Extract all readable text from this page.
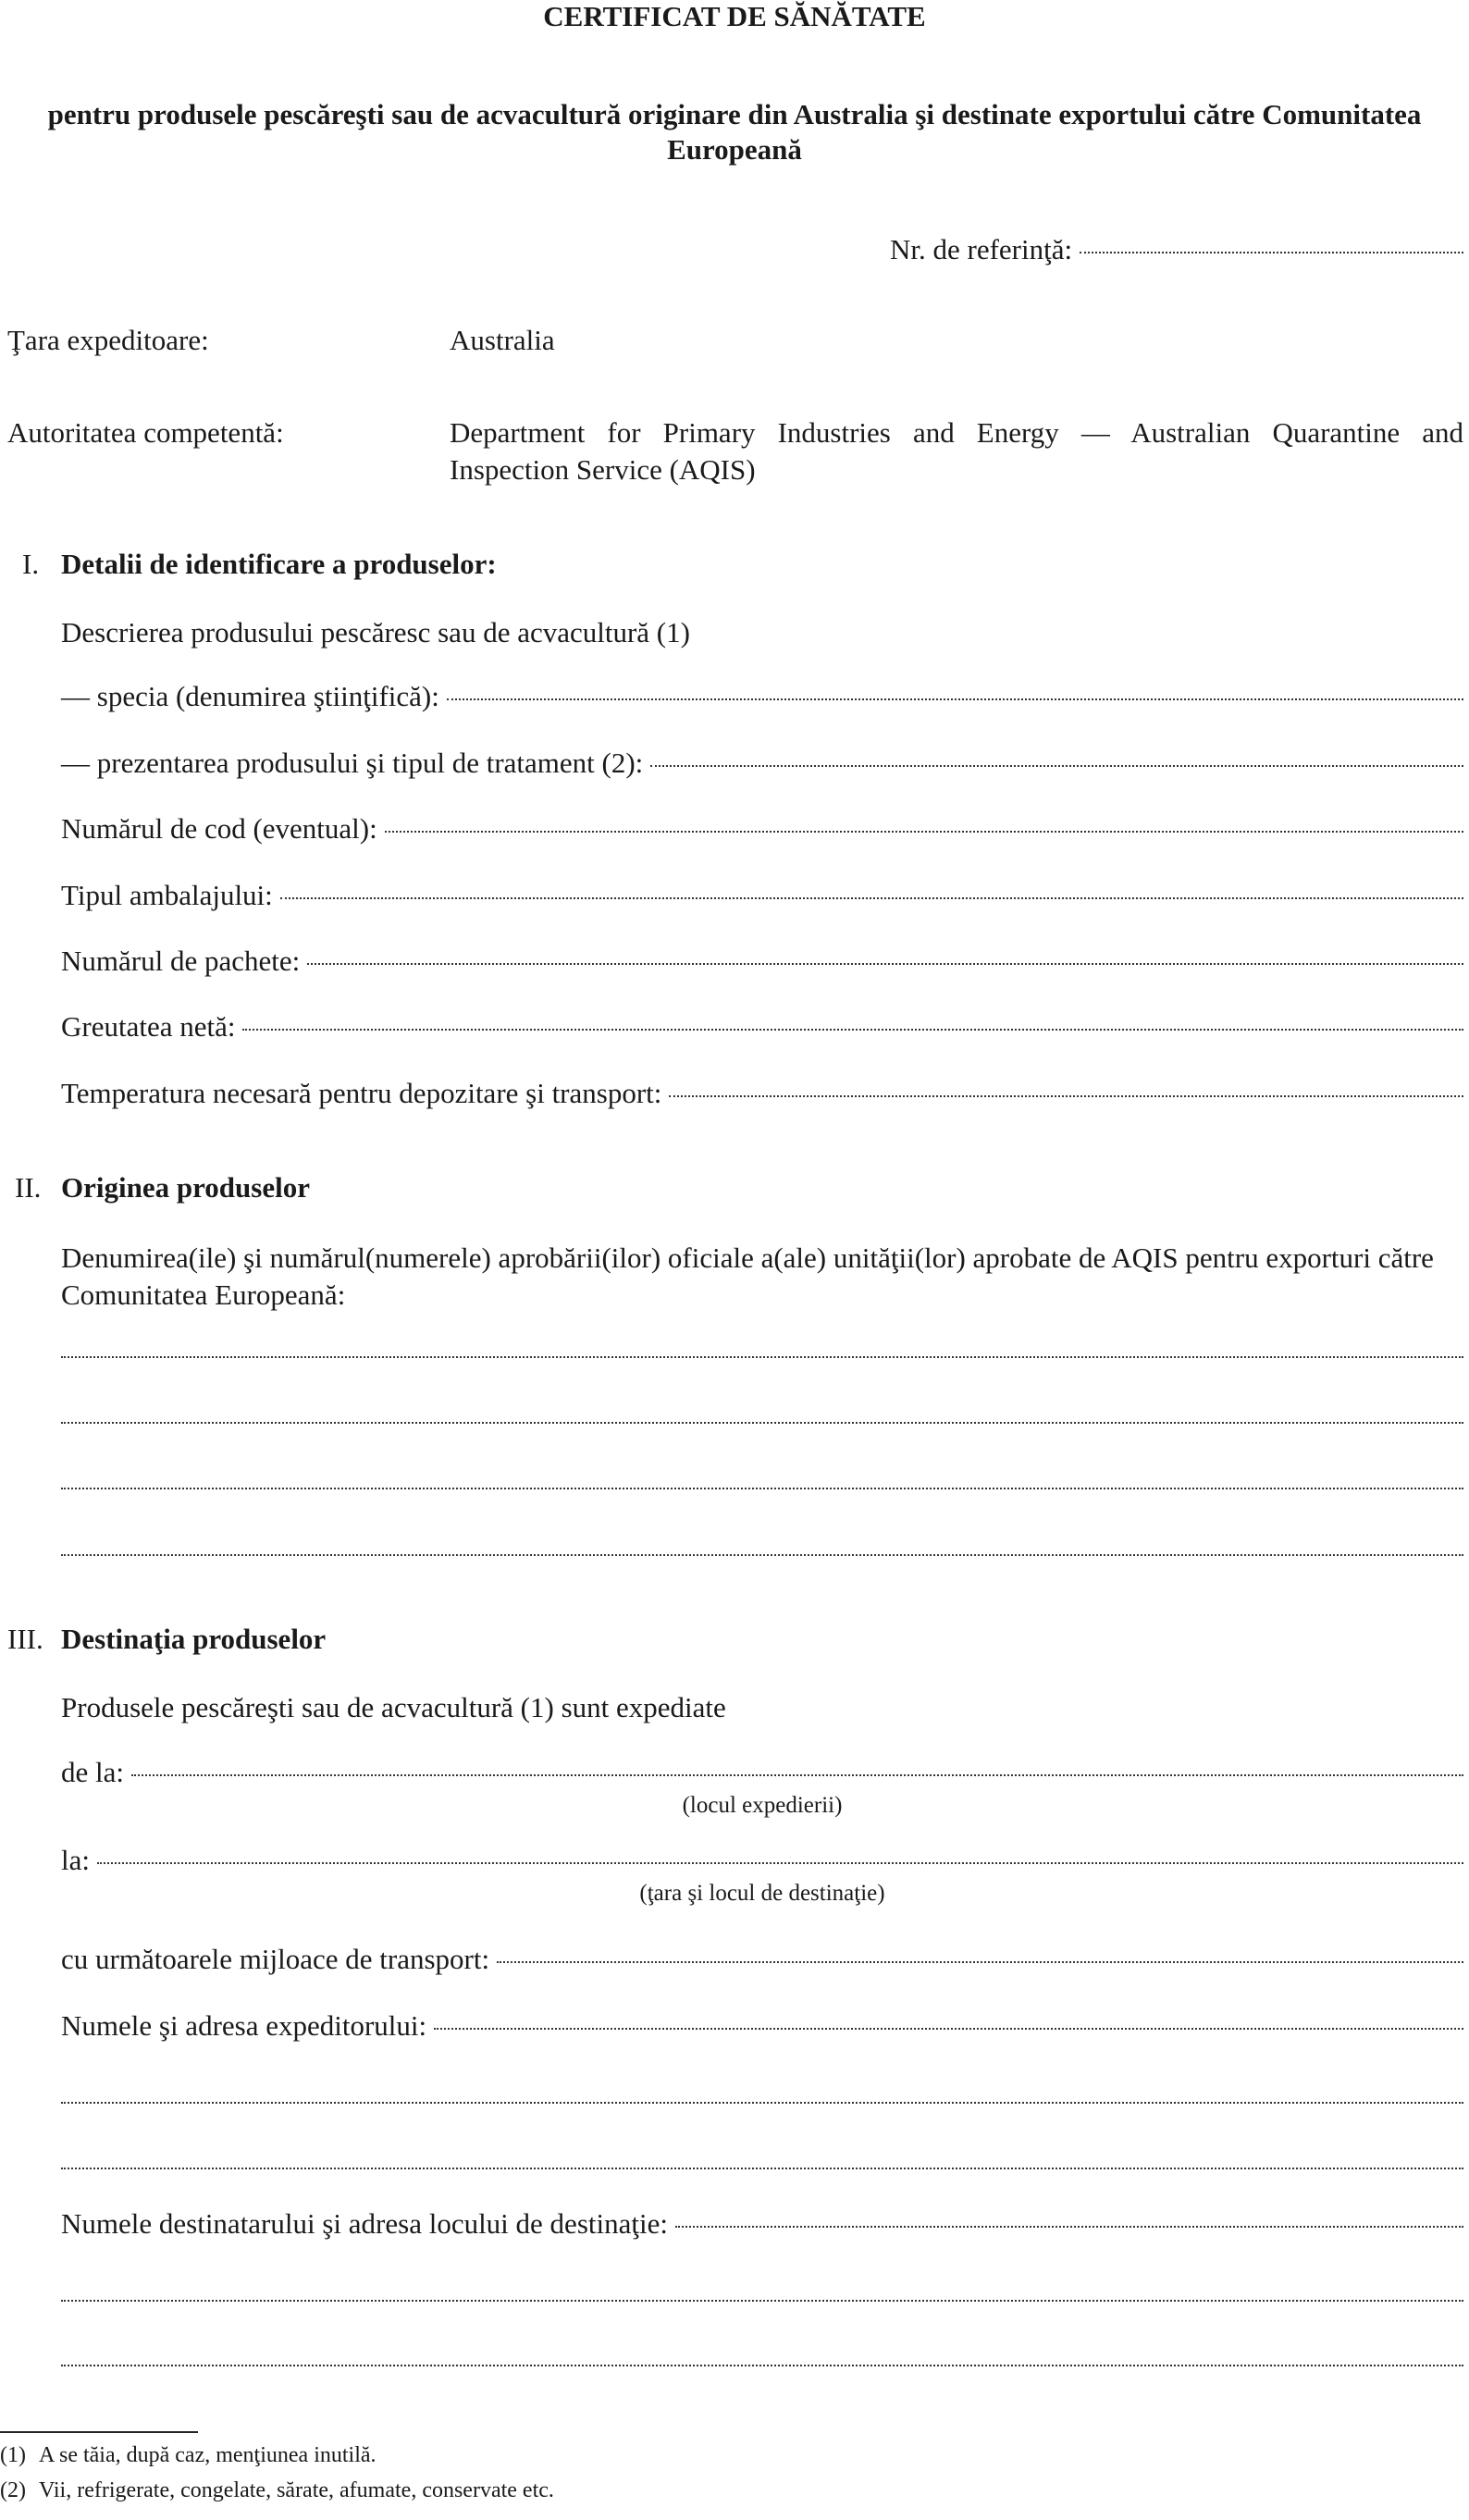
CERTIFICAT DE SĂNĂTATE
pentru produsele pescăreşti sau de acvacultură originare din Australia şi destinate exportului către Comunitatea
Europeană
Nr. de referinţă:
Ţara expeditoare:	Australia
Autoritatea competentă:	Department for Primary Industries and Energy — Australian Quarantine and
Inspection Service (AQIS)
I. Detalii de identificare a produselor:
Descrierea produsului pescăresc sau de acvacultură (1)
— specia (denumirea ştiinţifică):
— prezentarea produsului şi tipul de tratament (2):
Numărul de cod (eventual):
Tipul ambalajului:
Numărul de pachete:
Greutatea netă:
Temperatura necesară pentru depozitare şi transport:
II. Originea produselor
Denumirea(ile) şi numărul(numerele) aprobării(ilor) oficiale a(ale) unităţii(lor) aprobate de AQIS pentru exporturi către
Comunitatea Europeană:
III. Destinaţia produselor
Produsele pescăreşti sau de acvacultură (1) sunt expediate
de la:
(locul expedierii)
la:
(ţara şi locul de destinaţie)
cu următoarele mijloace de transport:
Numele şi adresa expeditorului:
Numele destinatarului şi adresa locului de destinaţie:
(1) A se tăia, după caz, menţiunea inutilă.
(2) Vii, refrigerate, congelate, sărate, afumate, conservate etc.
